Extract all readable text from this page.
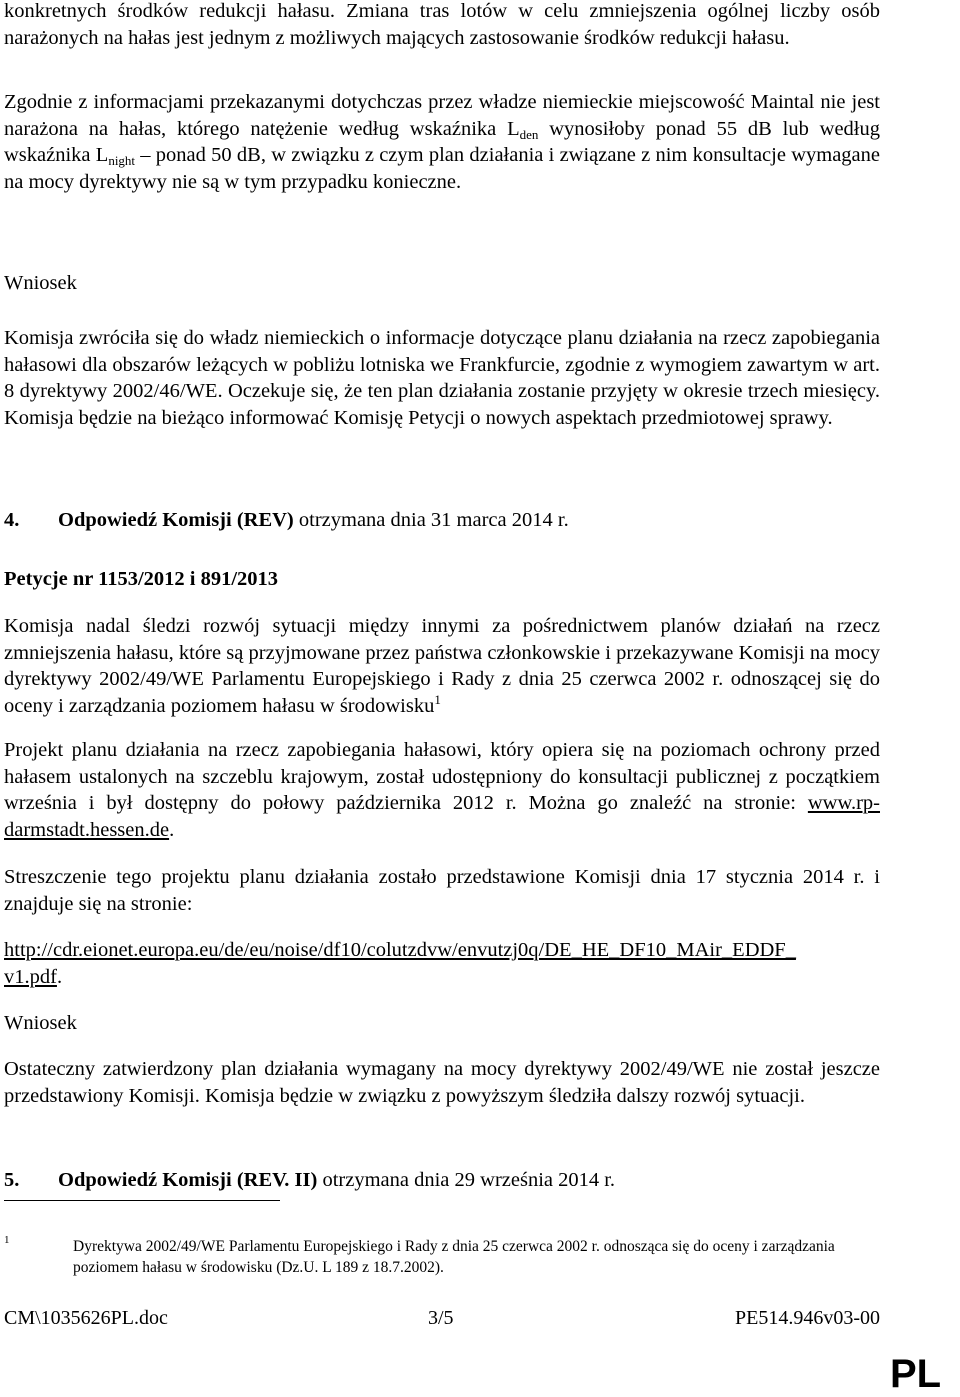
konkretnych środków redukcji hałasu. Zmiana tras lotów w celu zmniejszenia ogólnej liczby osób narażonych na hałas jest jednym z możliwych mających zastosowanie środków redukcji hałasu.

Zgodnie z informacjami przekazanymi dotychczas przez władze niemieckie miejscowość Maintal nie jest narażona na hałas, którego natężenie według wskaźnika $L_{den}$ wynosiłoby ponad 55 dB lub według wskaźnika $L_{night}$ – ponad 50 dB, w związku z czym plan działania i związane z nim konsultacje wymagane na mocy dyrektywy nie są w tym przypadku konieczne.

Wniosek

Komisja zwróciła się do władz niemieckich o informacje dotyczące planu działania na rzecz zapobiegania hałasowi dla obszarów leżących w pobliżu lotniska we Frankfurcie, zgodnie z wymogiem zawartym w art. 8 dyrektywy 2002/46/WE. Oczekuje się, że ten plan działania zostanie przyjęty w okresie trzech miesięcy. Komisja będzie na bieżąco informować Komisję Petycji o nowych aspektach przedmiotowej sprawy.

4. Odpowiedź Komisji (REV) otrzymana dnia 31 marca 2014 r.

Petycje nr 1153/2012 i 891/2013

Komisja nadal śledzi rozwój sytuacji między innymi za pośrednictwem planów działań na rzecz zmniejszenia hałasu, które są przyjmowane przez państwa członkowskie i przekazywane Komisji na mocy dyrektywy 2002/49/WE Parlamentu Europejskiego i Rady z dnia 25 czerwca 2002 r. odnoszącej się do oceny i zarządzania poziomem hałasu w środowisku$^1$

Projekt planu działania na rzecz zapobiegania hałasowi, który opiera się na poziomach ochrony przed hałasem ustalonych na szczeblu krajowym, został udostępniony do konsultacji publicznej z początkiem września i był dostępny do połowy października 2012 r. Można go znaleźć na stronie: www.rp-darmstadt.hessen.de.

Streszczenie tego projektu planu działania zostało przedstawione Komisji dnia 17 stycznia 2014 r. i znajduje się na stronie:

http://cdr.eionet.europa.eu/de/eu/noise/df10/colutzdvw/envutzj0q/DE_HE_DF10_MAir_EDDF_
v1.pdf.

Wniosek

Ostateczny zatwierdzony plan działania wymagany na mocy dyrektywy 2002/49/WE nie został jeszcze przedstawiony Komisji. Komisja będzie w związku z powyższym śledziła dalszy rozwój sytuacji.

5. Odpowiedź Komisji (REV. II) otrzymana dnia 29 września 2014 r.

1	Dyrektywa 2002/49/WE Parlamentu Europejskiego i Rady z dnia 25 czerwca 2002 r. odnosząca się do oceny i zarządzania poziomem hałasu w środowisku (Dz.U. L 189 z 18.7.2002).
CM\1035626PL.doc	3/5	PE514.946v03-00
PL
